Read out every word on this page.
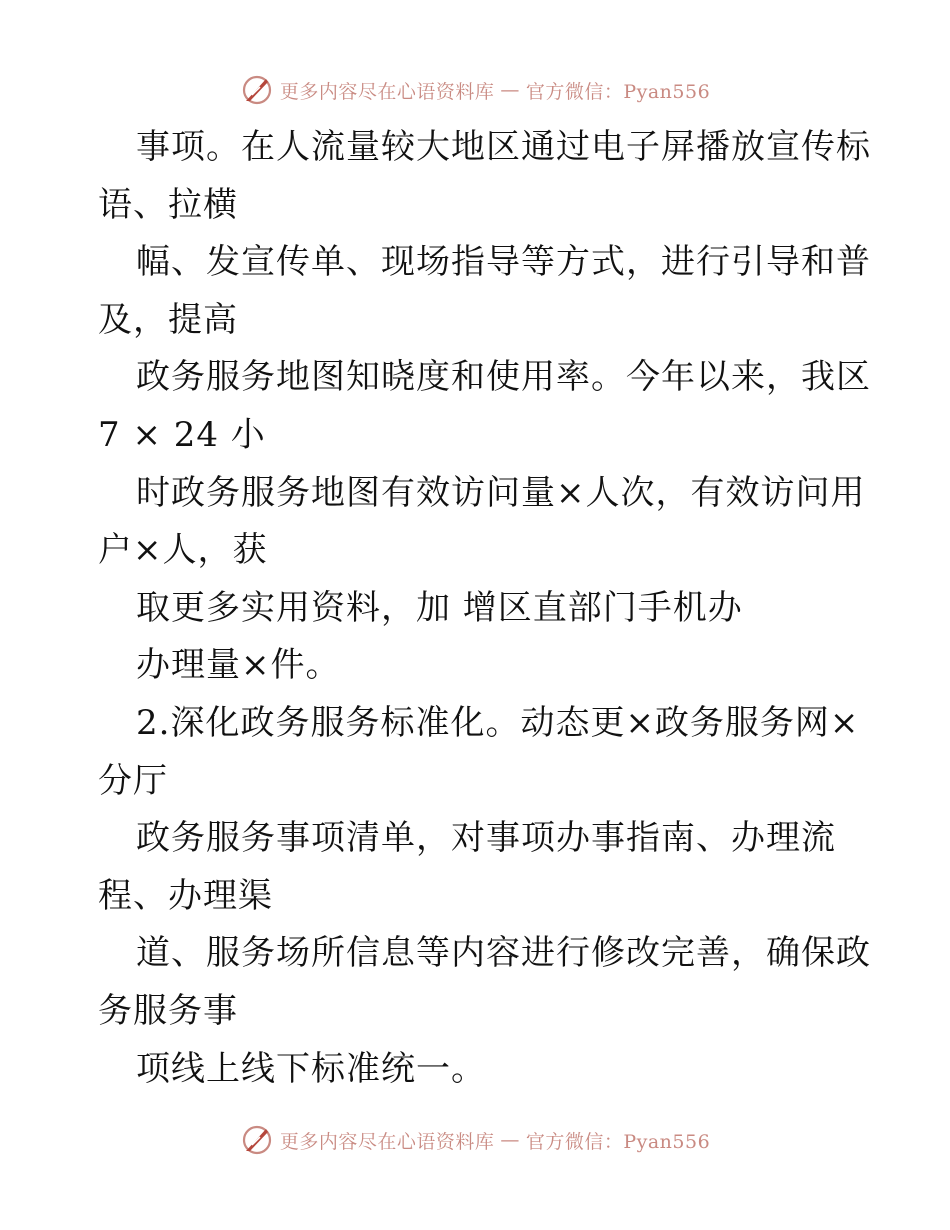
更多内容尽在心语资料库 — 官方微信：Pyan556
事项。在人流量较大地区通过电子屏播放宣传标
语、拉横
幅、发宣传单、现场指导等方式，进行引导和普
及，提高
政务服务地图知晓度和使用率。今年以来，我区
7 × 24 小
时政务服务地图有效访问量×人次，有效访问用
户×人，获
取更多实用资料，加 增区直部门手机办
办理量×件。
2.深化政务服务标准化。动态更×政务服务网×
分厅
政务服务事项清单，对事项办事指南、办理流
程、办理渠
道、服务场所信息等内容进行修改完善，确保政
务服务事
项线上线下标准统一。
更多内容尽在心语资料库 — 官方微信：Pyan556
